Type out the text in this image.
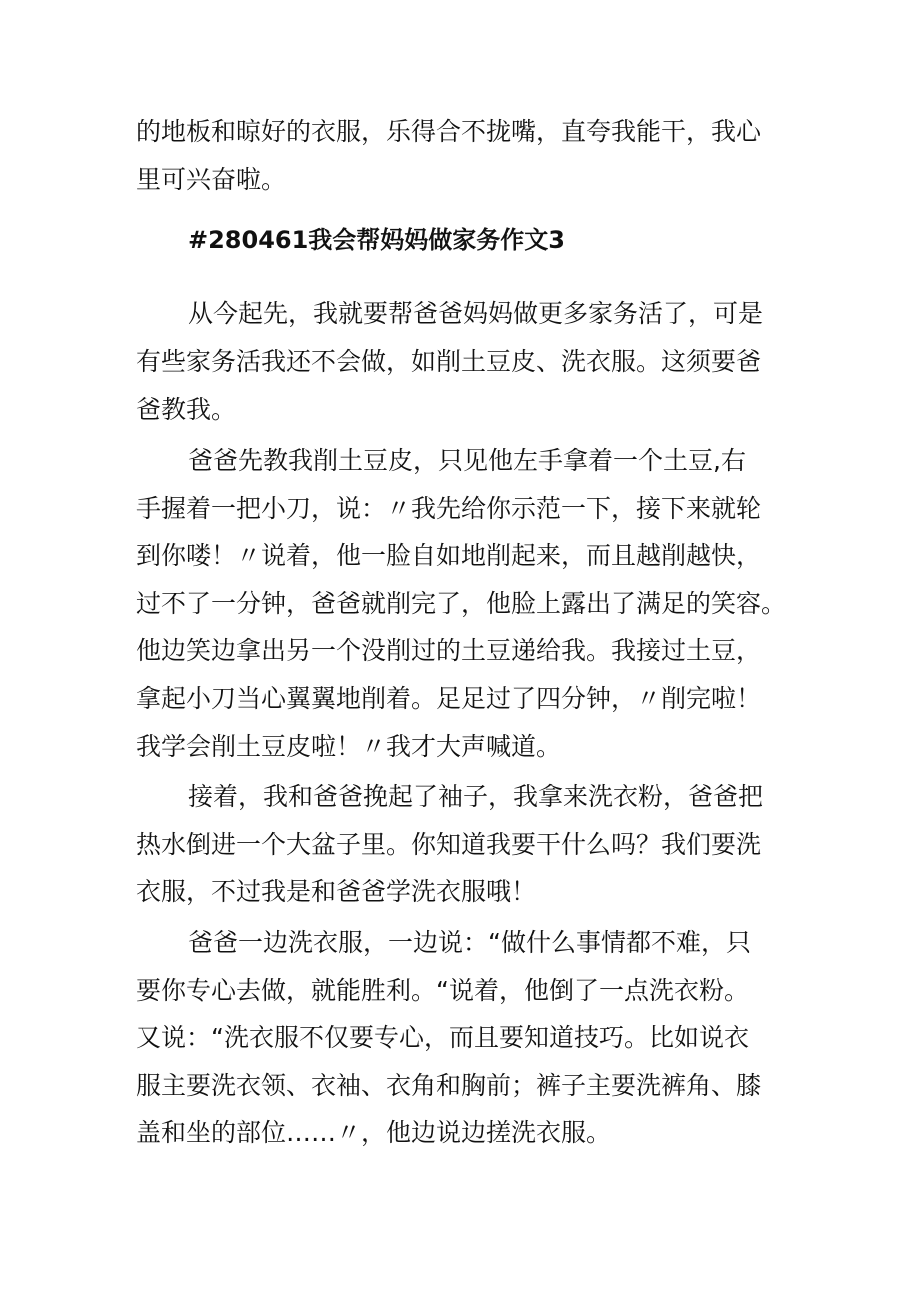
的地板和晾好的衣服，乐得合不拢嘴，直夸我能干，我心
里可兴奋啦。
#280461我会帮妈妈做家务作文3
从今起先，我就要帮爸爸妈妈做更多家务活了，可是
有些家务活我还不会做，如削土豆皮、洗衣服。这须要爸
爸教我。
爸爸先教我削土豆皮，只见他左手拿着一个土豆,右
手握着一把小刀，说：〃我先给你示范一下，接下来就轮
到你喽！〃说着，他一脸自如地削起来，而且越削越快，
过不了一分钟，爸爸就削完了，他脸上露出了满足的笑容。
他边笑边拿出另一个没削过的土豆递给我。我接过土豆，
拿起小刀当心翼翼地削着。足足过了四分钟，〃削完啦！
我学会削土豆皮啦！〃我才大声喊道。
接着，我和爸爸挽起了袖子，我拿来洗衣粉，爸爸把
热水倒进一个大盆子里。你知道我要干什么吗？我们要洗
衣服，不过我是和爸爸学洗衣服哦！
爸爸一边洗衣服，一边说：“做什么事情都不难，只
要你专心去做，就能胜利。“说着，他倒了一点洗衣粉。
又说：“洗衣服不仅要专心，而且要知道技巧。比如说衣
服主要洗衣领、衣袖、衣角和胸前；裤子主要洗裤角、膝
盖和坐的部位……〃，他边说边搓洗衣服。
